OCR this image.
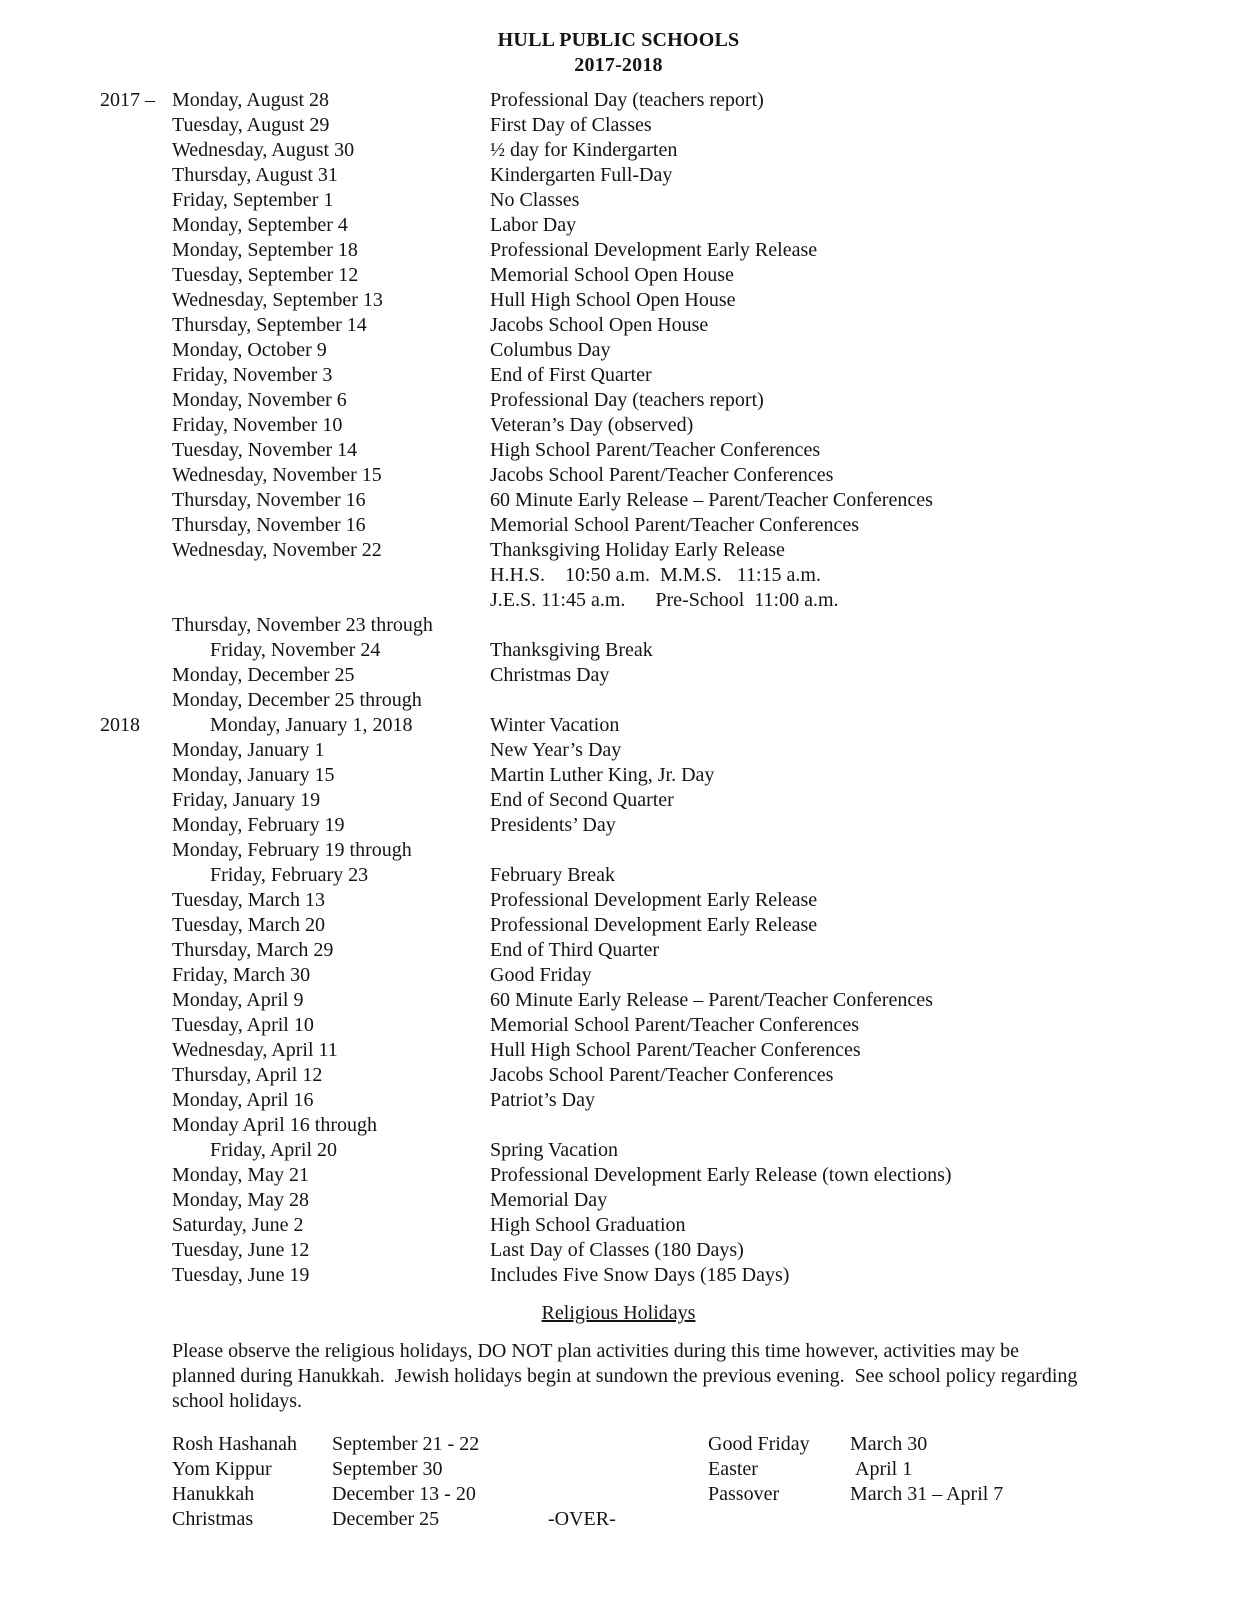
HULL PUBLIC SCHOOLS
2017-2018
2017 – Monday, August 28	Professional Day (teachers report)
Tuesday, August 29	First Day of Classes
Wednesday, August 30	½ day for Kindergarten
Thursday, August 31	Kindergarten Full-Day
Friday, September 1	No Classes
Monday, September 4	Labor Day
Monday, September 18	Professional Development Early Release
Tuesday, September 12	Memorial School Open House
Wednesday, September 13	Hull High School Open House
Thursday, September 14	Jacobs School Open House
Monday, October 9	Columbus Day
Friday, November 3	End of First Quarter
Monday, November 6	Professional Day (teachers report)
Friday, November 10	Veteran’s Day (observed)
Tuesday, November 14	High School Parent/Teacher Conferences
Wednesday, November 15	Jacobs School Parent/Teacher Conferences
Thursday, November 16	60 Minute Early Release – Parent/Teacher Conferences
Thursday, November 16	Memorial School Parent/Teacher Conferences
Wednesday, November 22	Thanksgiving Holiday Early Release
H.H.S.    10:50 a.m.  M.M.S.   11:15 a.m.
J.E.S. 11:45 a.m.      Pre-School  11:00 a.m.
Thursday, November 23 through
Friday, November 24	Thanksgiving Break
Monday, December 25	Christmas Day
Monday, December 25 through
2018	Monday, January 1, 2018	Winter Vacation
Monday, January 1	New Year’s Day
Monday, January 15	Martin Luther King, Jr. Day
Friday, January 19	End of Second Quarter
Monday, February 19	Presidents’ Day
Monday, February 19 through
Friday, February 23	February Break
Tuesday, March 13	Professional Development Early Release
Tuesday, March 20	Professional Development Early Release
Thursday, March 29	End of Third Quarter
Friday, March 30	Good Friday
Monday, April 9	60 Minute Early Release – Parent/Teacher Conferences
Tuesday, April 10	Memorial School Parent/Teacher Conferences
Wednesday, April 11	Hull High School Parent/Teacher Conferences
Thursday, April 12	Jacobs School Parent/Teacher Conferences
Monday, April 16	Patriot’s Day
Monday April 16 through
Friday, April 20	Spring Vacation
Monday, May 21	Professional Development Early Release (town elections)
Monday, May 28	Memorial Day
Saturday, June 2	High School Graduation
Tuesday, June 12	Last Day of Classes (180 Days)
Tuesday, June 19	Includes Five Snow Days (185 Days)
Religious Holidays

Please observe the religious holidays, DO NOT plan activities during this time however, activities may be planned during Hanukkah.  Jewish holidays begin at sundown the previous evening.  See school policy regarding school holidays.

Rosh Hashanah	September 21 - 22	Good Friday	March 30
Yom Kippur	September 30	Easter	April 1
Hanukkah	December 13 - 20	Passover	March 31 – April 7
Christmas	December 25	-OVER-
